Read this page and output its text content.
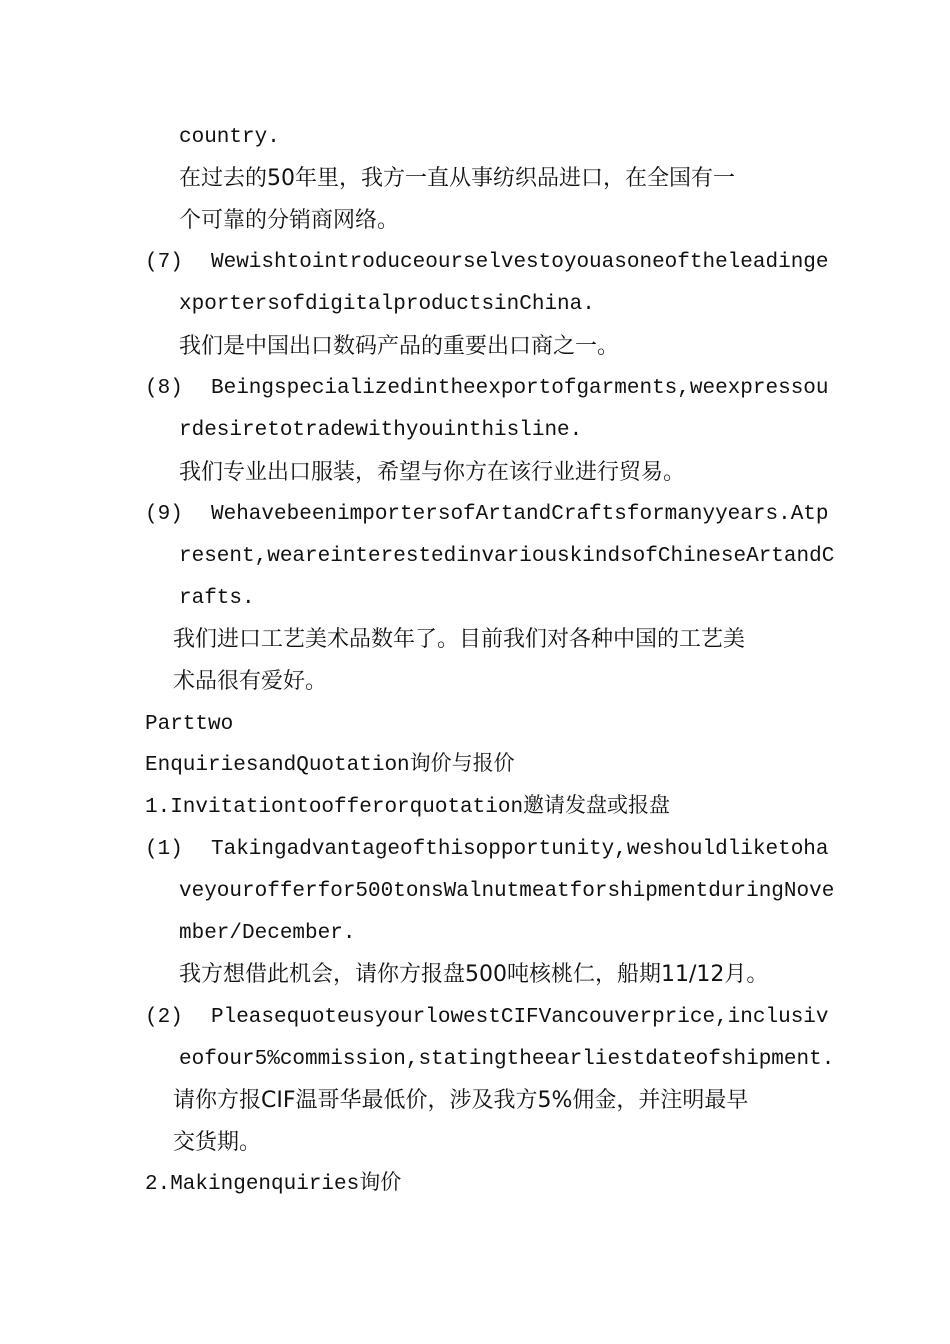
country.
在过去的50年里，我方一直从事纺织品进口，在全国有一
个可靠的分销商网络。
(7) Wewishtointroduceourselvestoyouasoneoftheleadinge
xportersofdigitalproductsinChina.
我们是中国出口数码产品的重要出口商之一。
(8) Beingspecializedintheexportofgarments,weexpressou
rdesiretotradewithyouinthisline.
我们专业出口服装，希望与你方在该行业进行贸易。
(9) WehavebeenimportersofArtandCraftsformanyyears.Atp
resent,weareinterestedinvariouskindsofChineseArtandC
rafts.
我们进口工艺美术品数年了。目前我们对各种中国的工艺美
术品很有爱好。
Parttwo
EnquiriesandQuotation询价与报价
1.Invitationtoofferorquotation邀请发盘或报盘
(1) Takingadvantageofthisopportunity,weshouldliketoha
veyourofferfor500tonsWalnutmeatforshipmentduringNove
mber/December.
我方想借此机会，请你方报盘500吨核桃仁，船期11/12月。
(2) PleasequoteusyourlowestCIFVancouverprice,inclusiv
eofour5%commission,statingtheearliestdateofshipment.
请你方报CIF温哥华最低价，涉及我方5%佣金，并注明最早
交货期。
2.Makingenquiries询价
